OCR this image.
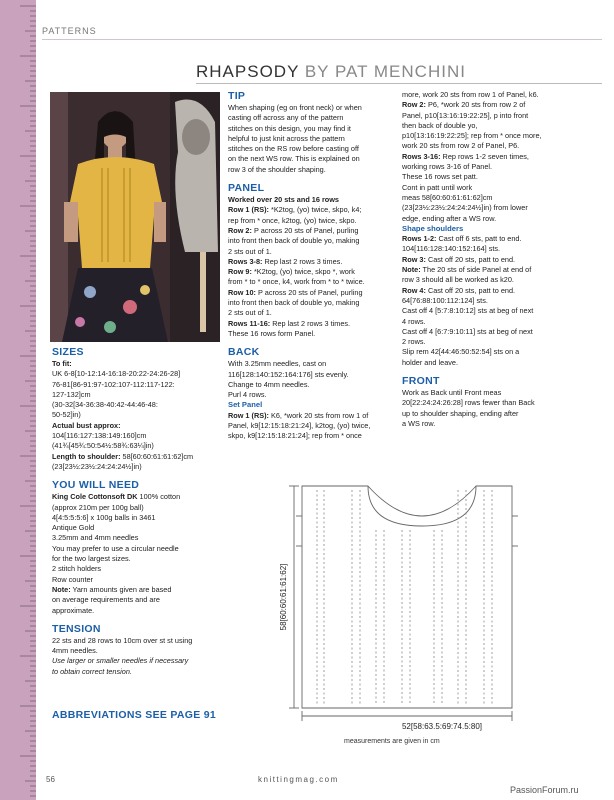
PATTERNS
RHAPSODY BY PAT MENCHINI

SIZES

To fit:

UK 6-8[10-12:14-16:18-20:22-24:26-28]

76-81[86-91:97-102:107-112:117-122:

127-132]cm

(30-32[34-36:38-40:42-44:46-48:

50-52]in)

Actual bust approx:

104[116:127:138:149:160]cm

(41¾[45¾:50:54½:58¾:63¼]in)

Length to shoulder: 58[60:60:61:61:62]cm

(23[23½:23½:24:24:24½]in)

YOU WILL NEED

King Cole Cottonsoft DK 100% cotton

(approx 210m per 100g ball)

4[4:5:5:5:6] x 100g balls in 3461

Antique Gold

3.25mm and 4mm needles

You may prefer to use a circular needle

for the two largest sizes.

2 stitch holders

Row counter

Note: Yarn amounts given are based

on average requirements and are

approximate.

TENSION

22 sts and 28 rows to 10cm over st st using

4mm needles.

Use larger or smaller needles if necessary

to obtain correct tension.

ABBREVIATIONS SEE PAGE 91

TIP

When shaping (eg on front neck) or when

casting off across any of the pattern

stitches on this design, you may find it

helpful to just knit across the pattern

stitches on the RS row before casting off

on the next WS row. This is explained on

row 3 of the shoulder shaping.

PANEL

Worked over 20 sts and 16 rows

Row 1 (RS): *K2tog, (yo) twice, skpo, k4;

rep from * once, k2tog, (yo) twice, skpo.

Row 2: P across 20 sts of Panel, purling

into front then back of double yo, making

2 sts out of 1.

Rows 3-8: Rep last 2 rows 3 times.

Row 9: *K2tog, (yo) twice, skpo *, work

from * to * once, k4, work from * to * twice.

Row 10: P across 20 sts of Panel, purling

into front then back of double yo, making

2 sts out of 1.

Rows 11-16: Rep last 2 rows 3 times.

These 16 rows form Panel.

BACK

With 3.25mm needles, cast on

116[128:140:152:164:176] sts evenly.

Change to 4mm needles.

Purl 4 rows.

Set Panel

Row 1 (RS): K6, *work 20 sts from row 1 of

Panel, k9[12:15:18:21:24], k2tog, (yo) twice,

skpo, k9[12:15:18:21:24]; rep from * once

more, work 20 sts from row 1 of Panel, k6.

Row 2: P6, *work 20 sts from row 2 of

Panel, p10[13:16:19:22:25], p into front

then back of double yo,

p10[13:16:19:22:25]; rep from * once more,

work 20 sts from row 2 of Panel, P6.

Rows 3-16: Rep rows 1-2 seven times,

working rows 3-16 of Panel.

These 16 rows set patt.

Cont in patt until work

meas 58[60:60:61:61:62]cm

(23[23½:23½:24:24:24½]in) from lower

edge, ending after a WS row.

Shape shoulders

Rows 1-2: Cast off 6 sts, patt to end.

104[116:128:140:152:164] sts.

Row 3: Cast off 20 sts, patt to end.

Note: The 20 sts of side Panel at end of

row 3 should all be worked as k20.

Row 4: Cast off 20 sts, patt to end.

64[76:88:100:112:124] sts.

Cast off 4 [5:7:8:10:12] sts at beg of next

4 rows.

Cast off 4 [6:7:9:10:11] sts at beg of next

2 rows.

Slip rem 42[44:46:50:52:54] sts on a

holder and leave.

FRONT

Work as Back until Front meas

20[22:24:24:26:28] rows fewer than Back

up to shoulder shaping, ending after

a WS row.

58[60:60:61:61:62]
52[58:63.5:69:74.5:80]
measurements are given in cm
56	knittingmag.com
PassionForum.ru
